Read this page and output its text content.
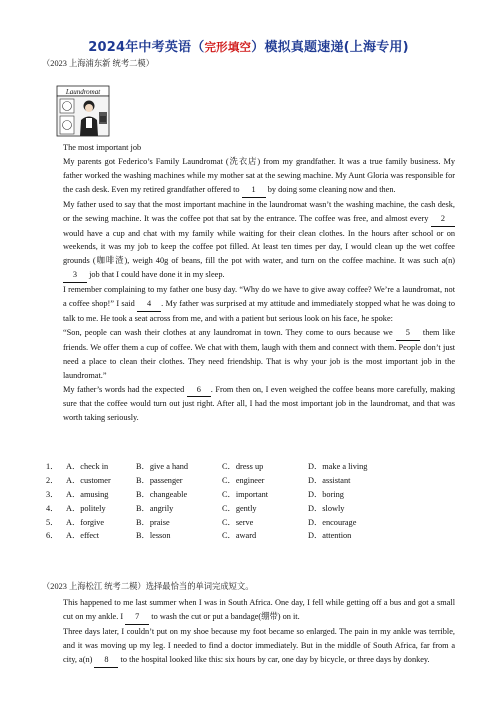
2024年中考英语（完形填空）模拟真题速递(上海专用)
（2023 上海浦东新 统考二模）
Laundromat
The most important job

My parents got Federico’s Family Laundromat (洗衣店) from my grandfather. It was a true family business. My father worked the washing machines while my mother sat at the sewing machine. My Aunt Gloria was responsible for the cash desk. Even my retired grandfather offered to 1 by doing some cleaning now and then.

My father used to say that the most important machine in the laundromat wasn’t the washing machine, the cash desk, or the sewing machine. It was the coffee pot that sat by the entrance. The coffee was free, and almost every 2 would have a cup and chat with my family while waiting for their clean clothes. In the hours after school or on weekends, it was my job to keep the coffee pot filled. At least ten times per day, I would clean up the wet coffee grounds (咖啡渣), weigh 40g of beans, fill the pot with water, and turn on the coffee machine. It was such a(n) 3 job that I could have done it in my sleep.

I remember complaining to my father one busy day. “Why do we have to give away coffee? We’re a laundromat, not a coffee shop!” I said 4 . My father was surprised at my attitude and immediately stopped what he was doing to talk to me. He took a seat across from me, and with a patient but serious look on his face, he spoke:

“Son, people can wash their clothes at any laundromat in town. They come to ours because we 5 them like friends. We offer them a cup of coffee. We chat with them, laugh with them and connect with them. People don’t just need a place to clean their clothes. They need friendship. That is why your job is the most important job in the laundromat.”

My father’s words had the expected 6 . From then on, I even weighed the coffee beans more carefully, making sure that the coffee would turn out just right. After all, I had the most important job in the laundromat, and that was worth taking seriously.

1． A．check in	B．give a hand	C．dress up	D．make a living
2． A．customer	B．passenger	C．engineer	D．assistant
3． A．amusing	B．changeable	C．important	D．boring
4． A．politely	B．angrily	C．gently	D．slowly
5． A．forgive	B．praise	C．serve	D．encourage
6． A．effect	B．lesson	C．award	D．attention
（2023 上海松江 统考二模）选择最恰当的单词完成短文。

This happened to me last summer when I was in South Africa. One day, I fell while getting off a bus and got a small cut on my ankle. I 7 to wash the cut or put a bandage(绷带) on it.

Three days later, I couldn’t put on my shoe because my foot became so enlarged. The pain in my ankle was terrible, and it was moving up my leg. I needed to find a doctor immediately. But in the middle of South Africa, far from a city, a(n) 8 to the hospital looked like this: six hours by car, one day by bicycle, or three days by donkey.
